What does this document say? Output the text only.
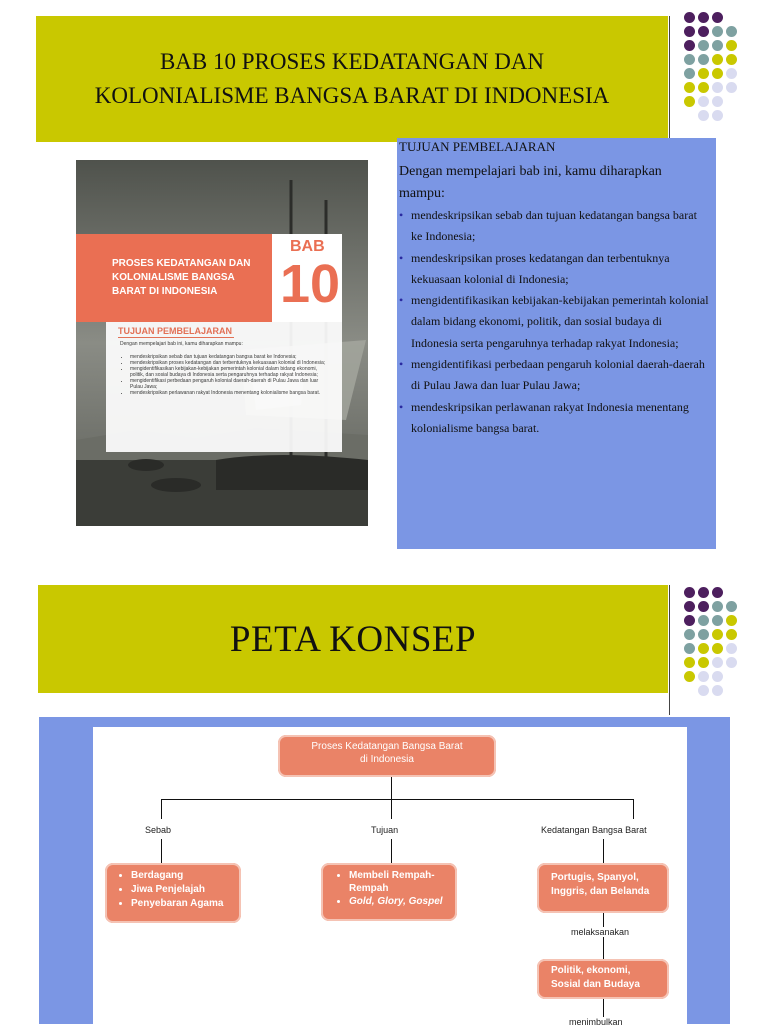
BAB 10 PROSES KEDATANGAN DAN
KOLONIALISME BANGSA BARAT DI INDONESIA
PROSES KEDATANGAN DAN
KOLONIALISME BANGSA
BARAT DI INDONESIA
BAB
10
TUJUAN PEMBELAJARAN
Dengan mempelajari bab ini, kamu diharapkan mampu:
• mendeskripsikan sebab dan tujuan kedatangan bangsa barat ke Indonesia;
• mendeskripsikan proses kedatangan dan terbentuknya kekuasaan kolonial di Indonesia;
• mengidentifikasikan kebijakan-kebijakan pemerintah kolonial dalam bidang ekonomi, politik, dan sosial budaya di Indonesia serta pengaruhnya terhadap rakyat Indonesia;
• mengidentifikasi perbedaan pengaruh kolonial daerah-daerah di Pulau Jawa dan luar Pulau Jawa;
• mendeskripsikan perlawanan rakyat Indonesia menentang kolonialisme bangsa barat.
TUJUAN PEMBELAJARAN
Dengan mempelajari bab ini, kamu diharapkan mampu:
• mendeskripsikan sebab dan tujuan kedatangan bangsa barat ke Indonesia;
• mendeskripsikan proses kedatangan dan terbentuknya kekuasaan kolonial di Indonesia;
• mengidentifikasikan kebijakan-kebijakan pemerintah kolonial dalam bidang ekonomi, politik, dan sosial budaya di Indonesia serta pengaruhnya terhadap rakyat Indonesia;
• mengidentifikasi perbedaan pengaruh kolonial daerah-daerah di Pulau Jawa dan luar Pulau Jawa;
• mendeskripsikan perlawanan rakyat Indonesia menentang kolonialisme bangsa barat.
PETA KONSEP
Proses Kedatangan Bangsa Barat
di Indonesia
Sebab	Tujuan	Kedatangan Bangsa Barat
• Berdagang
• Jiwa Penjelajah
• Penyebaran Agama
• Membeli Rempah-Rempah
• Gold, Glory, Gospel
Portugis, Spanyol, Inggris, dan Belanda
melaksanakan
Politik, ekonomi, Sosial dan Budaya
menimbulkan
